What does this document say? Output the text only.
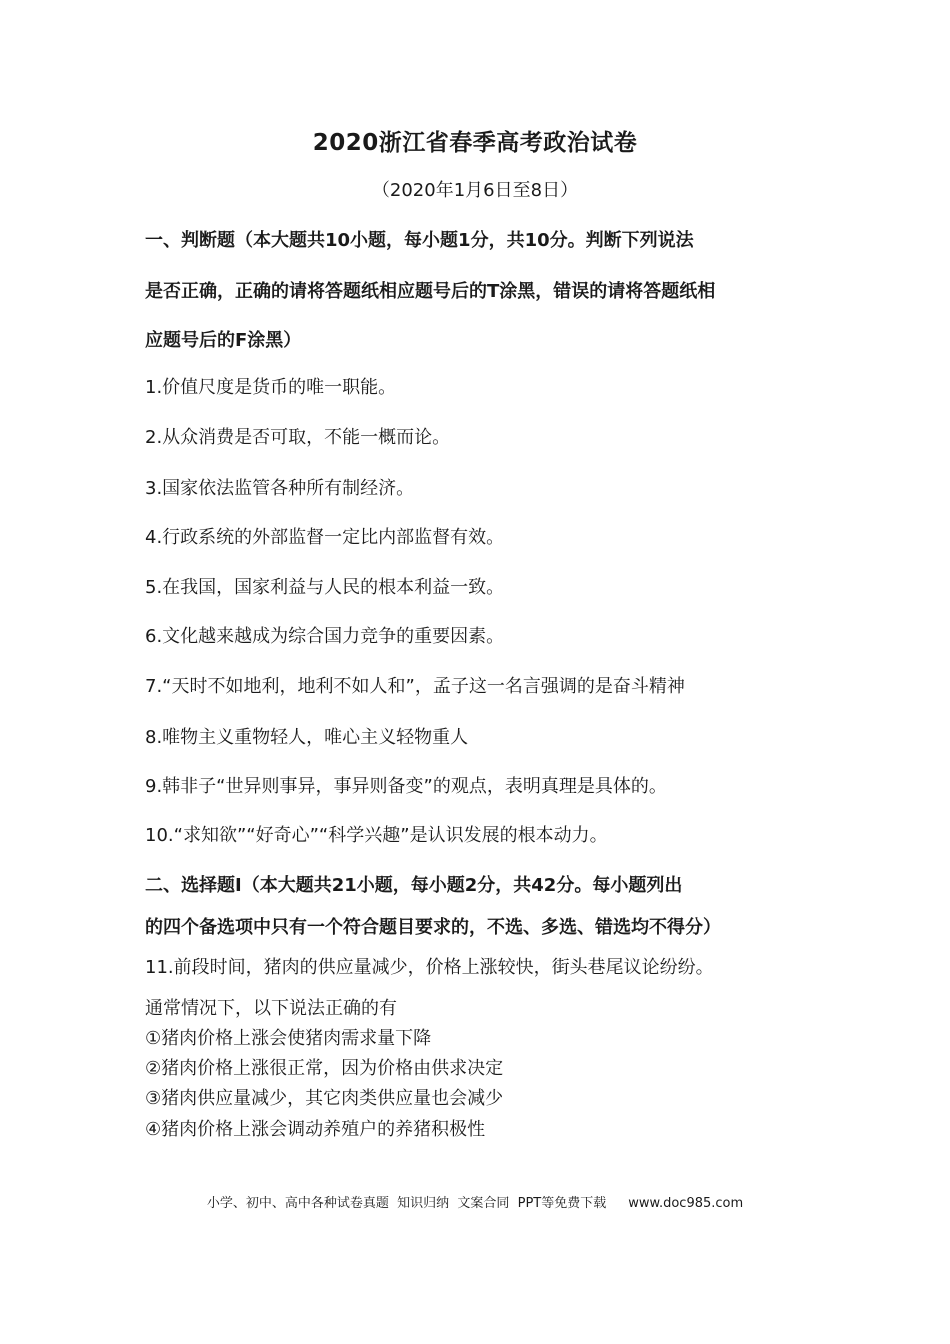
2020浙江省春季高考政治试卷
（2020年1月6日至8日）
一、判断题（本大题共10小题，每小题1分，共10分。判断下列说法
是否正确，正确的请将答题纸相应题号后的T涂黑，错误的请将答题纸相
应题号后的F涂黑）
1.价值尺度是货币的唯一职能。
2.从众消费是否可取，不能一概而论。
3.国家依法监管各种所有制经济。
4.行政系统的外部监督一定比内部监督有效。
5.在我国，国家利益与人民的根本利益一致。
6.文化越来越成为综合国力竞争的重要因素。
7.“天时不如地利，地利不如人和”，孟子这一名言强调的是奋斗精神
8.唯物主义重物轻人，唯心主义轻物重人
9.韩非子“世异则事异，事异则备变”的观点，表明真理是具体的。
10.“求知欲”“好奇心”“科学兴趣”是认识发展的根本动力。
二、选择题Ⅰ（本大题共21小题，每小题2分，共42分。每小题列出
的四个备选项中只有一个符合题目要求的，不选、多选、错选均不得分）
11.前段时间，猪肉的供应量减少，价格上涨较快，街头巷尾议论纷纷。
通常情况下，以下说法正确的有
①猪肉价格上涨会使猪肉需求量下降
②猪肉价格上涨很正常，因为价格由供求决定
③猪肉供应量减少，其它肉类供应量也会减少
④猪肉价格上涨会调动养殖户的养猪积极性
小学、初中、高中各种试卷真题  知识归纳  文案合同  PPT等免费下载 www.doc985.com
